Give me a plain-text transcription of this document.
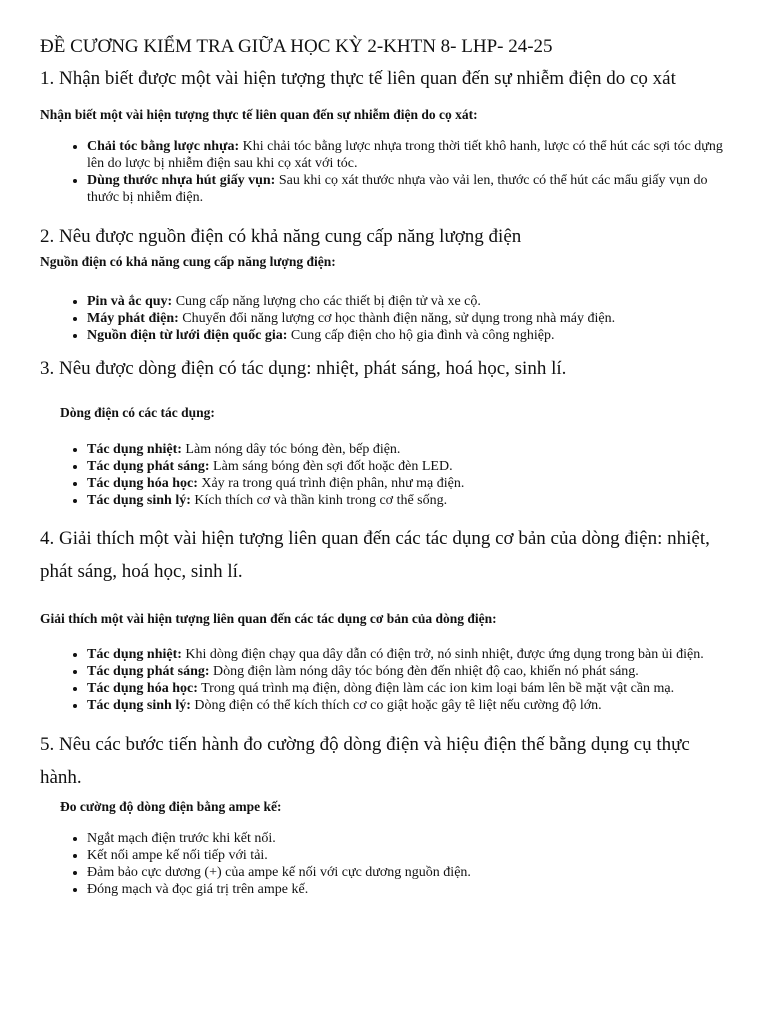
ĐỀ CƯƠNG KIỂM TRA GIỮA HỌC KỲ 2-KHTN 8- LHP- 24-25
1. Nhận biết được một vài hiện tượng thực tế liên quan đến sự nhiễm điện do cọ xát
Nhận biết một vài hiện tượng thực tế liên quan đến sự nhiễm điện do cọ xát:
• Chải tóc bằng lược nhựa: Khi chải tóc bằng lược nhựa trong thời tiết khô hanh, lược có thể hút các sợi tóc dựng lên do lược bị nhiễm điện sau khi cọ xát với tóc.
• Dùng thước nhựa hút giấy vụn: Sau khi cọ xát thước nhựa vào vải len, thước có thể hút các mẩu giấy vụn do thước bị nhiễm điện.
2. Nêu được nguồn điện có khả năng cung cấp năng lượng điện
Nguồn điện có khả năng cung cấp năng lượng điện:
• Pin và ắc quy: Cung cấp năng lượng cho các thiết bị điện tử và xe cộ.
• Máy phát điện: Chuyển đổi năng lượng cơ học thành điện năng, sử dụng trong nhà máy điện.
• Nguồn điện từ lưới điện quốc gia: Cung cấp điện cho hộ gia đình và công nghiệp.
3. Nêu được dòng điện có tác dụng: nhiệt, phát sáng, hoá học, sinh lí.
Dòng điện có các tác dụng:
• Tác dụng nhiệt: Làm nóng dây tóc bóng đèn, bếp điện.
• Tác dụng phát sáng: Làm sáng bóng đèn sợi đốt hoặc đèn LED.
• Tác dụng hóa học: Xảy ra trong quá trình điện phân, như mạ điện.
• Tác dụng sinh lý: Kích thích cơ và thần kinh trong cơ thể sống.
4. Giải thích một vài hiện tượng liên quan đến các tác dụng cơ bản của dòng điện: nhiệt, phát sáng, hoá học, sinh lí.
Giải thích một vài hiện tượng liên quan đến các tác dụng cơ bản của dòng điện:
• Tác dụng nhiệt: Khi dòng điện chạy qua dây dẫn có điện trở, nó sinh nhiệt, được ứng dụng trong bàn ủi điện.
• Tác dụng phát sáng: Dòng điện làm nóng dây tóc bóng đèn đến nhiệt độ cao, khiến nó phát sáng.
• Tác dụng hóa học: Trong quá trình mạ điện, dòng điện làm các ion kim loại bám lên bề mặt vật cần mạ.
• Tác dụng sinh lý: Dòng điện có thể kích thích cơ co giật hoặc gây tê liệt nếu cường độ lớn.
5. Nêu các bước tiến hành đo cường độ dòng điện và hiệu điện thế bằng dụng cụ thực hành.
Đo cường độ dòng điện bằng ampe kế:
• Ngắt mạch điện trước khi kết nối.
• Kết nối ampe kế nối tiếp với tải.
• Đảm bảo cực dương (+) của ampe kế nối với cực dương nguồn điện.
• Đóng mạch và đọc giá trị trên ampe kế.
